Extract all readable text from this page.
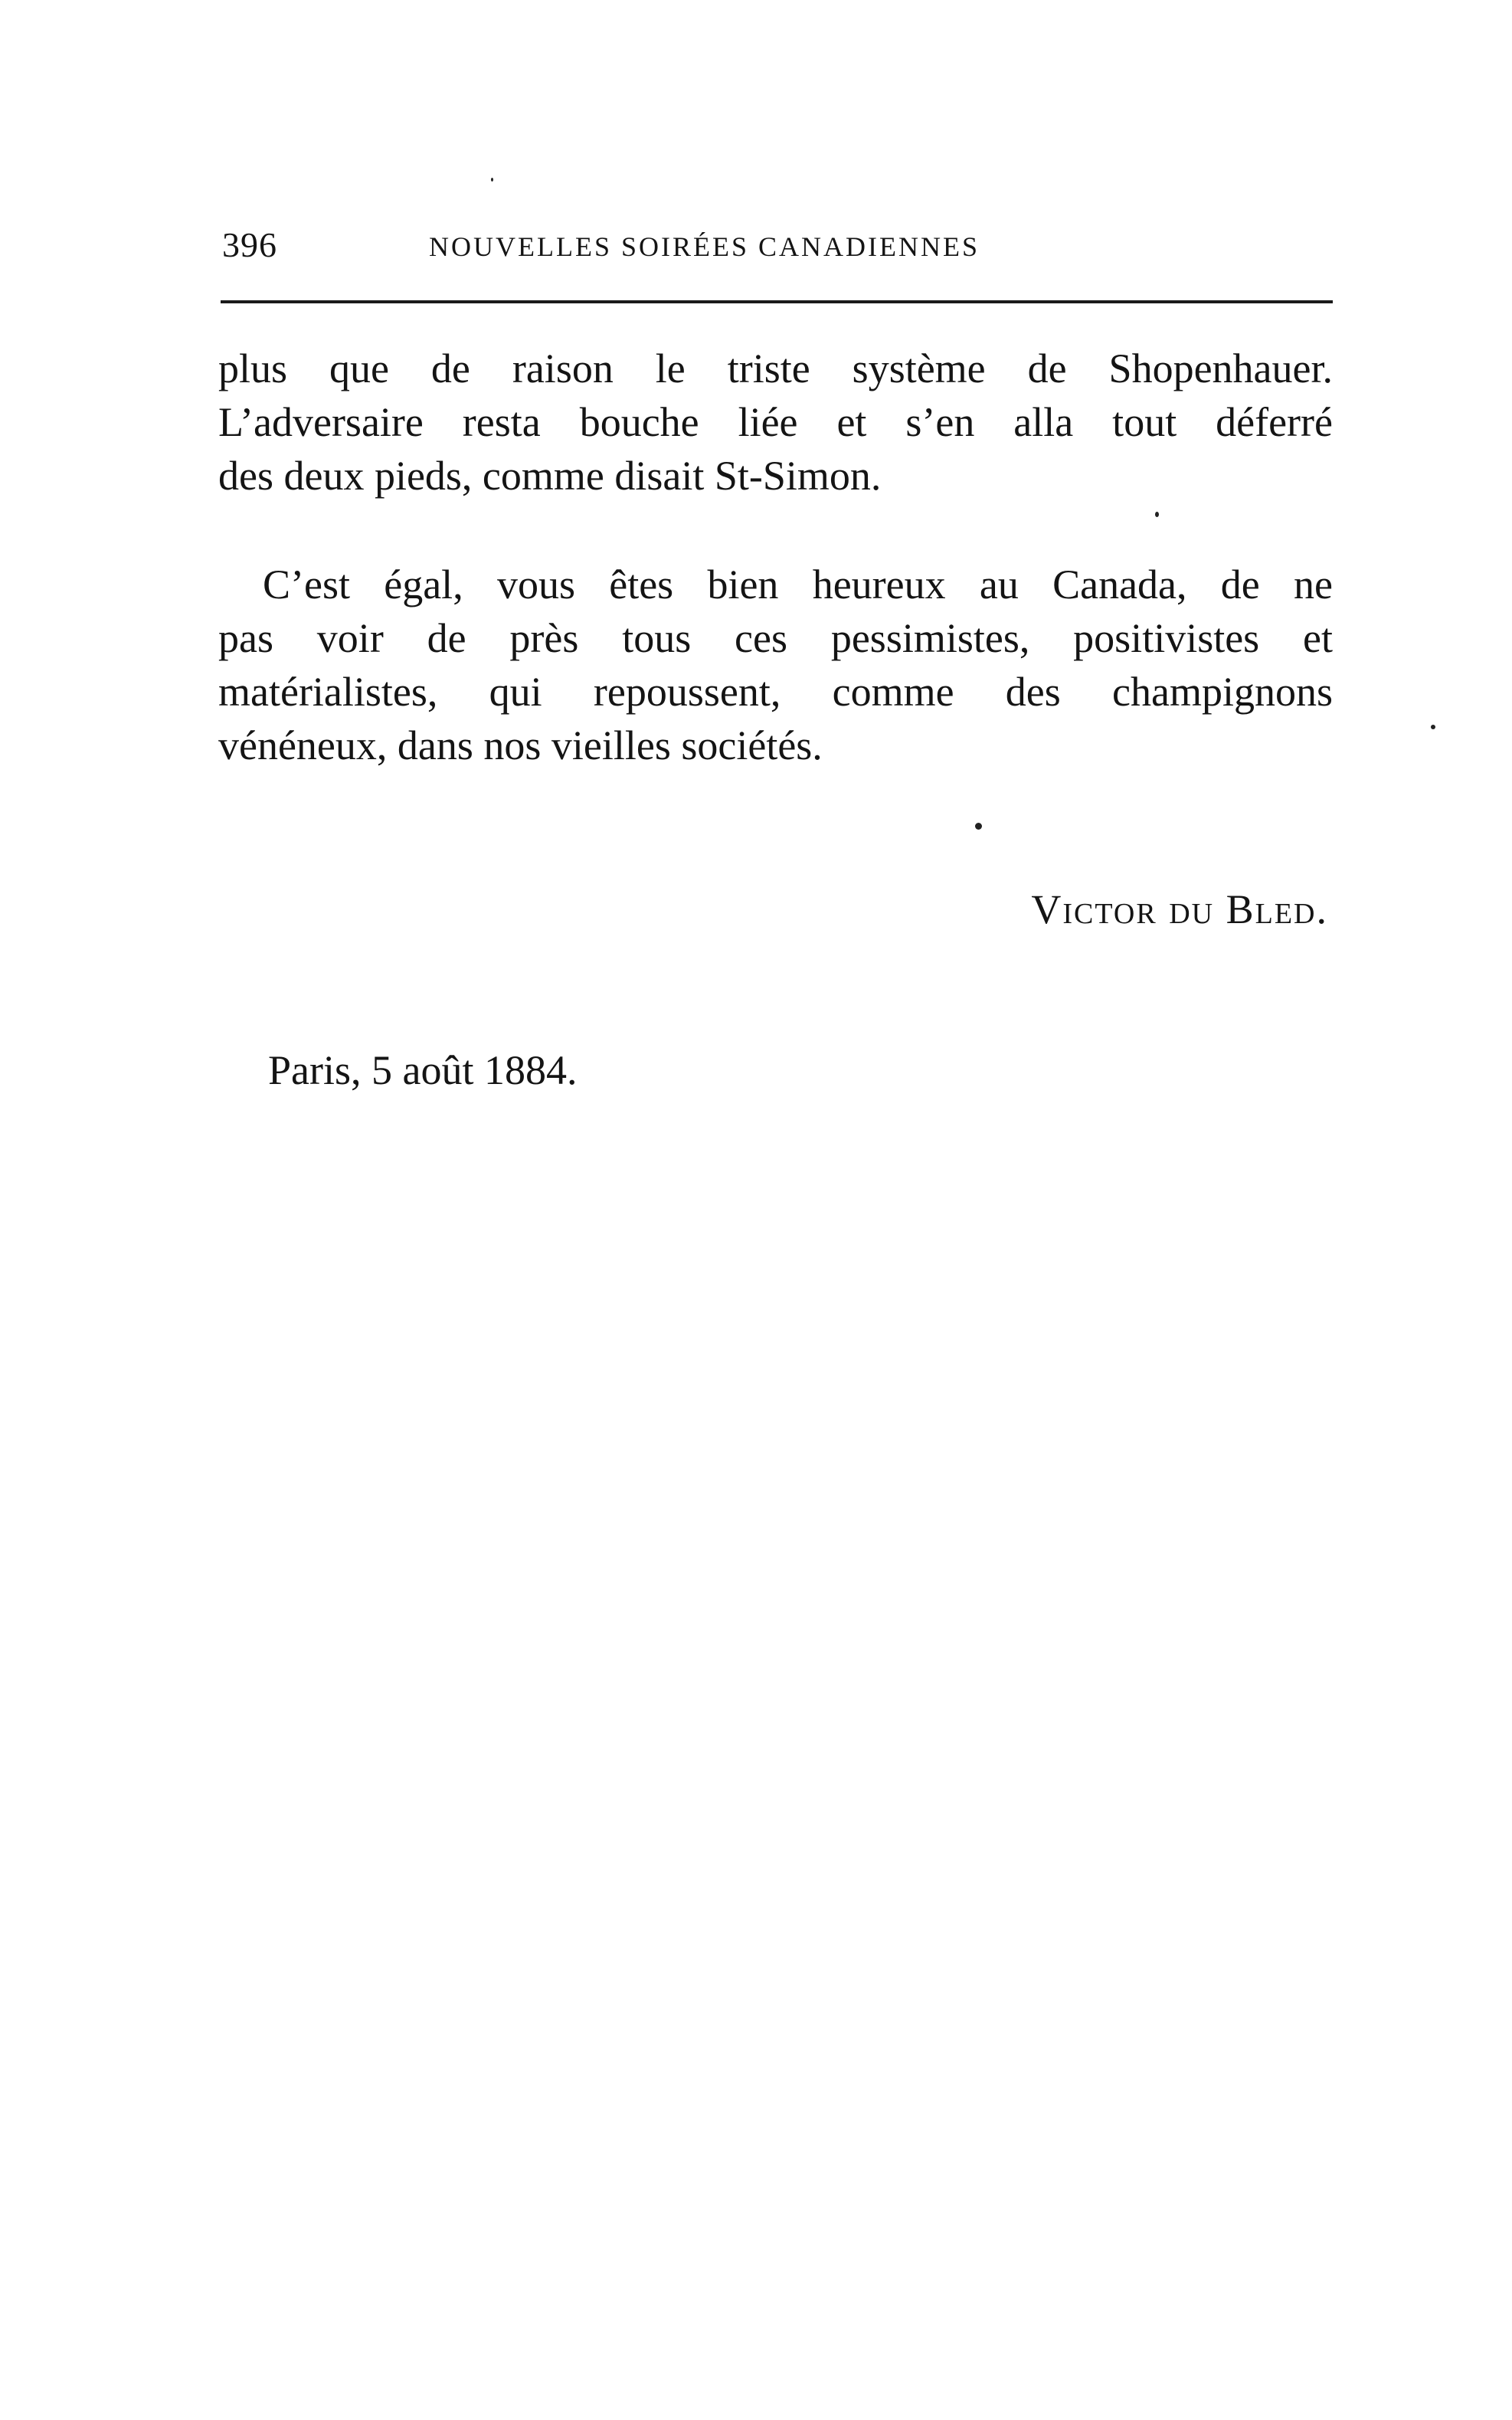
396	NOUVELLES SOIRÉES CANADIENNES
plus que de raison le triste système de Shopenhauer.
L’adversaire resta bouche liée et s’en alla tout déferré
des deux pieds, comme disait St-Simon.
C’est égal, vous êtes bien heureux au Canada, de ne
pas voir de près tous ces pessimistes, positivistes et
matérialistes, qui repoussent, comme des champignons
vénéneux, dans nos vieilles sociétés.
Victor du Bled.
Paris, 5 août 1884.
